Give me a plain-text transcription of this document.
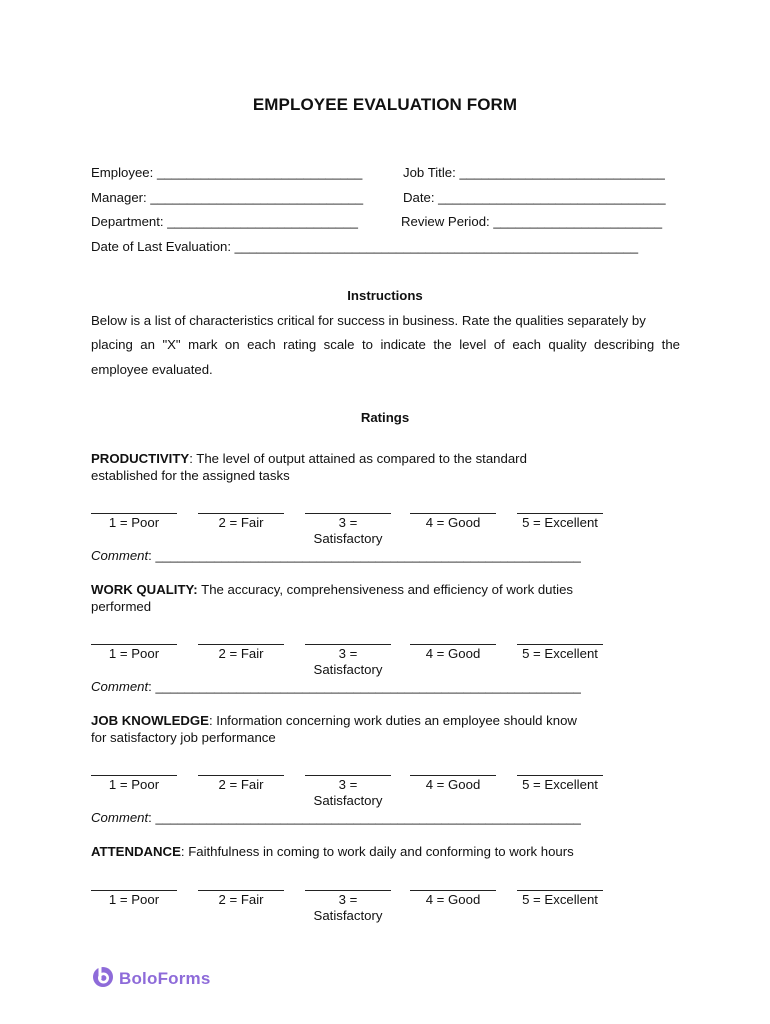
EMPLOYEE EVALUATION FORM
Employee: ____________________________	Job Title: ____________________________
Manager: _____________________________	Date: _______________________________
Department: __________________________	Review Period: _______________________
Date of Last Evaluation: _______________________________________________________
Instructions
Below is a list of characteristics critical for success in business. Rate the qualities separately by
placing an "X" mark on each rating scale to indicate the level of each quality describing the
employee evaluated.
Ratings
PRODUCTIVITY: The level of output attained as compared to the standard established for the assigned tasks
1 = Poor	2 = Fair	3 = Satisfactory
4 = Good	5 = Excellent
Comment: __________________________________________________________
WORK QUALITY: The accuracy, comprehensiveness and efficiency of work duties performed
1 = Poor	2 = Fair	3 = Satisfactory
4 = Good	5 = Excellent
Comment: __________________________________________________________
JOB KNOWLEDGE: Information concerning work duties an employee should know for satisfactory job performance
1 = Poor	2 = Fair	3 = Satisfactory
4 = Good	5 = Excellent
Comment: __________________________________________________________
ATTENDANCE: Faithfulness in coming to work daily and conforming to work hours
1 = Poor	2 = Fair	3 = Satisfactory
4 = Good	5 = Excellent
BoloForms
